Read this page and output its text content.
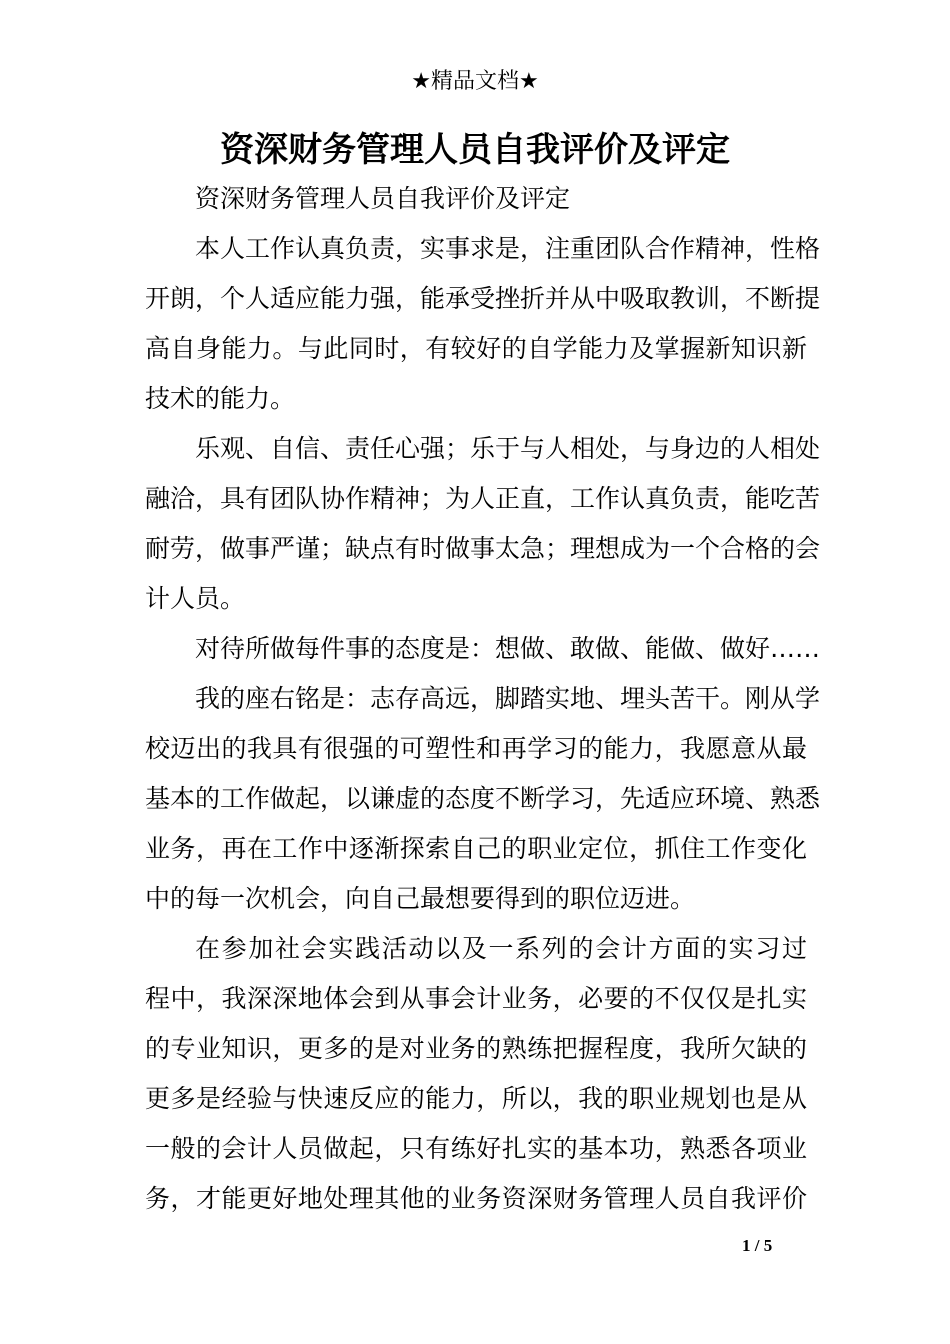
★精品文档★
资深财务管理人员自我评价及评定
资深财务管理人员自我评价及评定
本人工作认真负责，实事求是，注重团队合作精神，性格
开朗，个人适应能力强，能承受挫折并从中吸取教训，不断提
高自身能力。与此同时，有较好的自学能力及掌握新知识新
技术的能力。
乐观、自信、责任心强；乐于与人相处，与身边的人相处
融洽，具有团队协作精神；为人正直，工作认真负责，能吃苦
耐劳，做事严谨；缺点有时做事太急；理想成为一个合格的会
计人员。
对待所做每件事的态度是：想做、敢做、能做、做好……
我的座右铭是：志存高远，脚踏实地、埋头苦干。刚从学
校迈出的我具有很强的可塑性和再学习的能力，我愿意从最
基本的工作做起，以谦虚的态度不断学习，先适应环境、熟悉
业务，再在工作中逐渐探索自己的职业定位，抓住工作变化
中的每一次机会，向自己最想要得到的职位迈进。
在参加社会实践活动以及一系列的会计方面的实习过
程中，我深深地体会到从事会计业务，必要的不仅仅是扎实
的专业知识，更多的是对业务的熟练把握程度，我所欠缺的
更多是经验与快速反应的能力，所以，我的职业规划也是从
一般的会计人员做起，只有练好扎实的基本功，熟悉各项业
务，才能更好地处理其他的业务资深财务管理人员自我评价
1 / 5
